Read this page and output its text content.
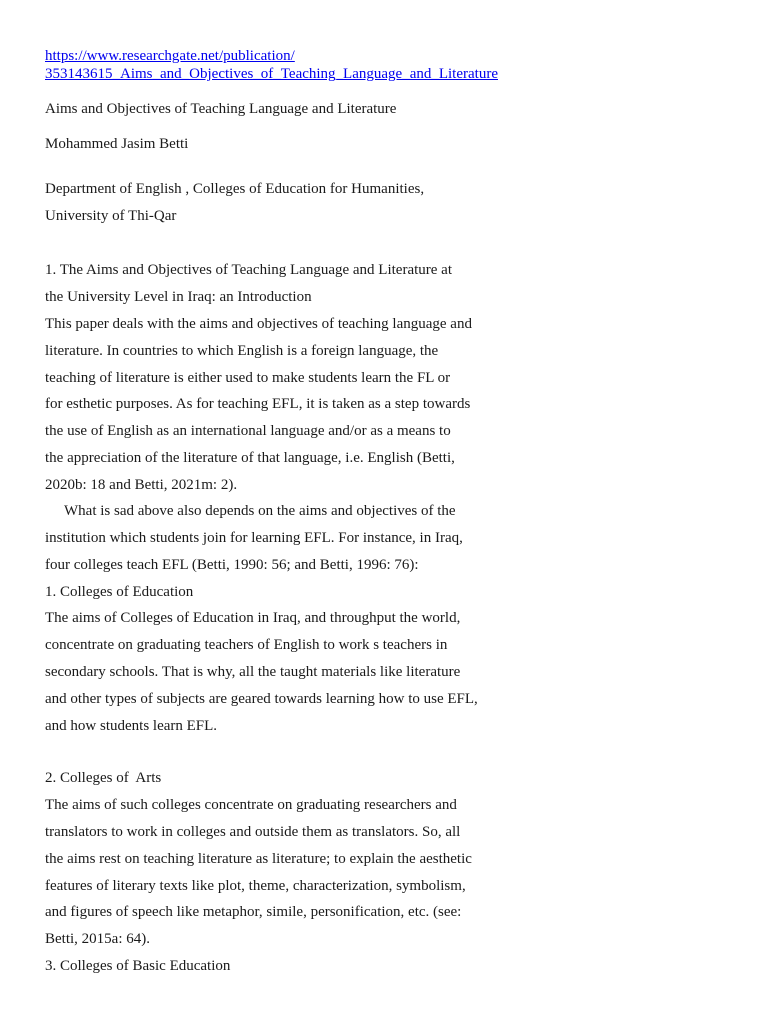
https://www.researchgate.net/publication/
353143615_Aims_and_Objectives_of_Teaching_Language_and_Literature
Aims and Objectives of Teaching Language and Literature
Mohammed Jasim Betti
Department of English , Colleges of Education for Humanities,
University of Thi-Qar
1. The Aims and Objectives of Teaching Language and Literature at
the University Level in Iraq: an Introduction
This paper deals with the aims and objectives of teaching language and
literature. In countries to which English is a foreign language, the
teaching of literature is either used to make students learn the FL or
for esthetic purposes. As for teaching EFL, it is taken as a step towards
the use of English as an international language and/or as a means to
the appreciation of the literature of that language, i.e. English (Betti,
2020b: 18 and Betti, 2021m: 2).
What is sad above also depends on the aims and objectives of the
institution which students join for learning EFL. For instance, in Iraq,
four colleges teach EFL (Betti, 1990: 56; and Betti, 1996: 76):
1. Colleges of Education
The aims of Colleges of Education in Iraq, and throughput the world,
concentrate on graduating teachers of English to work s teachers in
secondary schools. That is why, all the taught materials like literature
and other types of subjects are geared towards learning how to use EFL,
and how students learn EFL.
2. Colleges of  Arts
The aims of such colleges concentrate on graduating researchers and
translators to work in colleges and outside them as translators. So, all
the aims rest on teaching literature as literature; to explain the aesthetic
features of literary texts like plot, theme, characterization, symbolism,
and figures of speech like metaphor, simile, personification, etc. (see:
Betti, 2015a: 64).
3. Colleges of Basic Education
